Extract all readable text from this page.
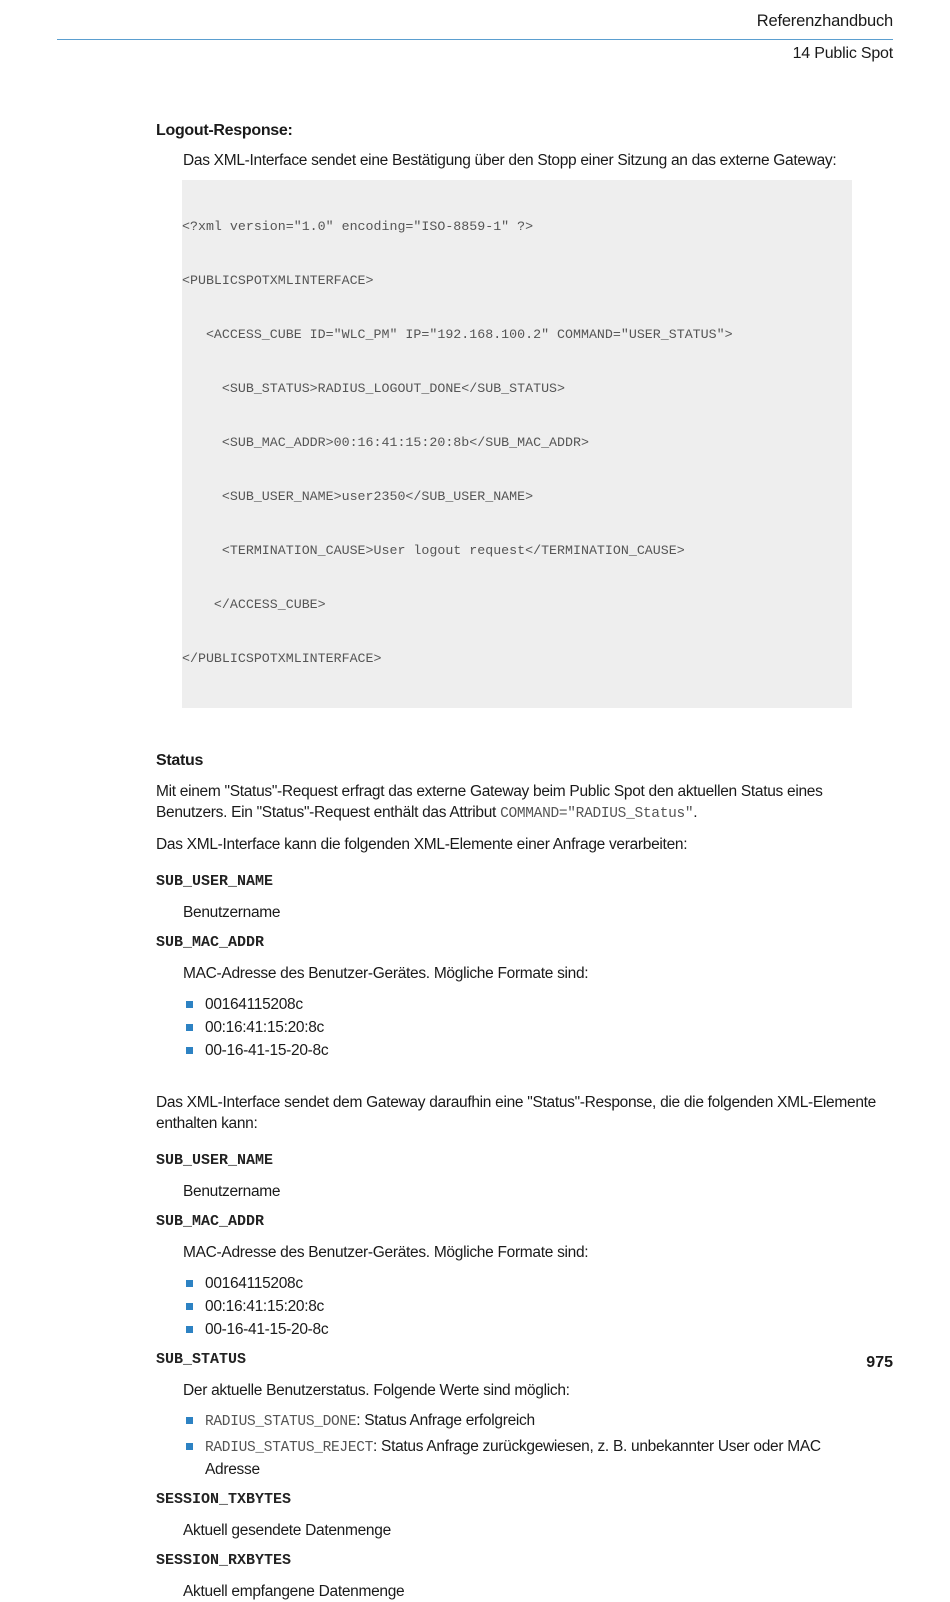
Referenzhandbuch
14 Public Spot
Logout-Response:

Das XML-Interface sendet eine Bestätigung über den Stopp einer Sitzung an das externe Gateway:

<?xml version="1.0" encoding="ISO-8859-1" ?>

<PUBLICSPOTXMLINTERFACE>

<ACCESS_CUBE ID="WLC_PM" IP="192.168.100.2" COMMAND="USER_STATUS">

<SUB_STATUS>RADIUS_LOGOUT_DONE</SUB_STATUS>

<SUB_MAC_ADDR>00:16:41:15:20:8b</SUB_MAC_ADDR>

<SUB_USER_NAME>user2350</SUB_USER_NAME>

<TERMINATION_CAUSE>User logout request</TERMINATION_CAUSE>

</ACCESS_CUBE>

</PUBLICSPOTXMLINTERFACE>

Status

Mit einem "Status"-Request erfragt das externe Gateway beim Public Spot den aktuellen Status eines Benutzers. Ein "Status"-Request enthält das Attribut COMMAND="RADIUS_Status".

Das XML-Interface kann die folgenden XML-Elemente einer Anfrage verarbeiten:

SUB_USER_NAME
Benutzername
SUB_MAC_ADDR
MAC-Adresse des Benutzer-Gerätes. Mögliche Formate sind:
00164115208c
00:16:41:15:20:8c
00-16-41-15-20-8c

Das XML-Interface sendet dem Gateway daraufhin eine "Status"-Response, die die folgenden XML-Elemente enthalten kann:

SUB_USER_NAME
Benutzername
SUB_MAC_ADDR
MAC-Adresse des Benutzer-Gerätes. Mögliche Formate sind:
00164115208c
00:16:41:15:20:8c
00-16-41-15-20-8c
SUB_STATUS
Der aktuelle Benutzerstatus. Folgende Werte sind möglich:
RADIUS_STATUS_DONE: Status Anfrage erfolgreich
RADIUS_STATUS_REJECT: Status Anfrage zurückgewiesen, z. B. unbekannter User oder MAC Adresse
SESSION_TXBYTES
Aktuell gesendete Datenmenge
SESSION_RXBYTES
Aktuell empfangene Datenmenge
975
